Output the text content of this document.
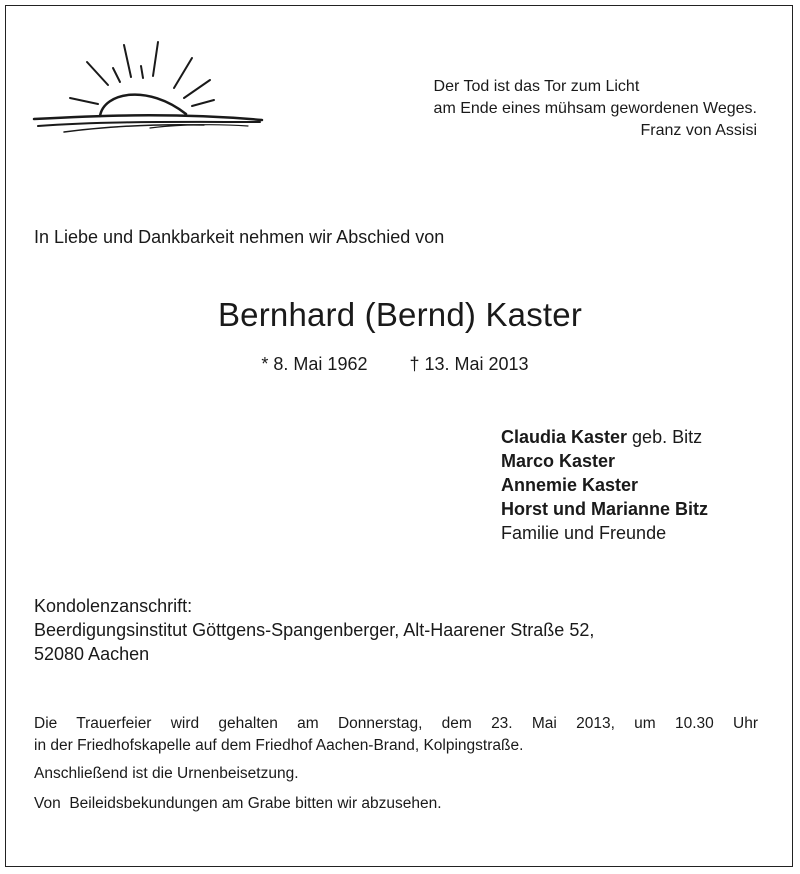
Der Tod ist das Tor zum Licht
am Ende eines mühsam gewordenen Weges.
Franz von Assisi
In Liebe und Dankbarkeit nehmen wir Abschied von
Bernhard (Bernd) Kaster
* 8. Mai 1962 † 13. Mai 2013
Claudia Kaster geb. Bitz
Marco Kaster
Annemie Kaster
Horst und Marianne Bitz
Familie und Freunde
Kondolenzanschrift:
Beerdigungsinstitut Göttgens-Spangenberger, Alt-Haarener Straße 52,
52080 Aachen
Die Trauerfeier wird gehalten am Donnerstag, dem 23. Mai 2013, um 10.30 Uhr
in der Friedhofskapelle auf dem Friedhof Aachen-Brand, Kolpingstraße.
Anschließend ist die Urnenbeisetzung.
Von  Beileidsbekundungen am Grabe bitten wir abzusehen.
